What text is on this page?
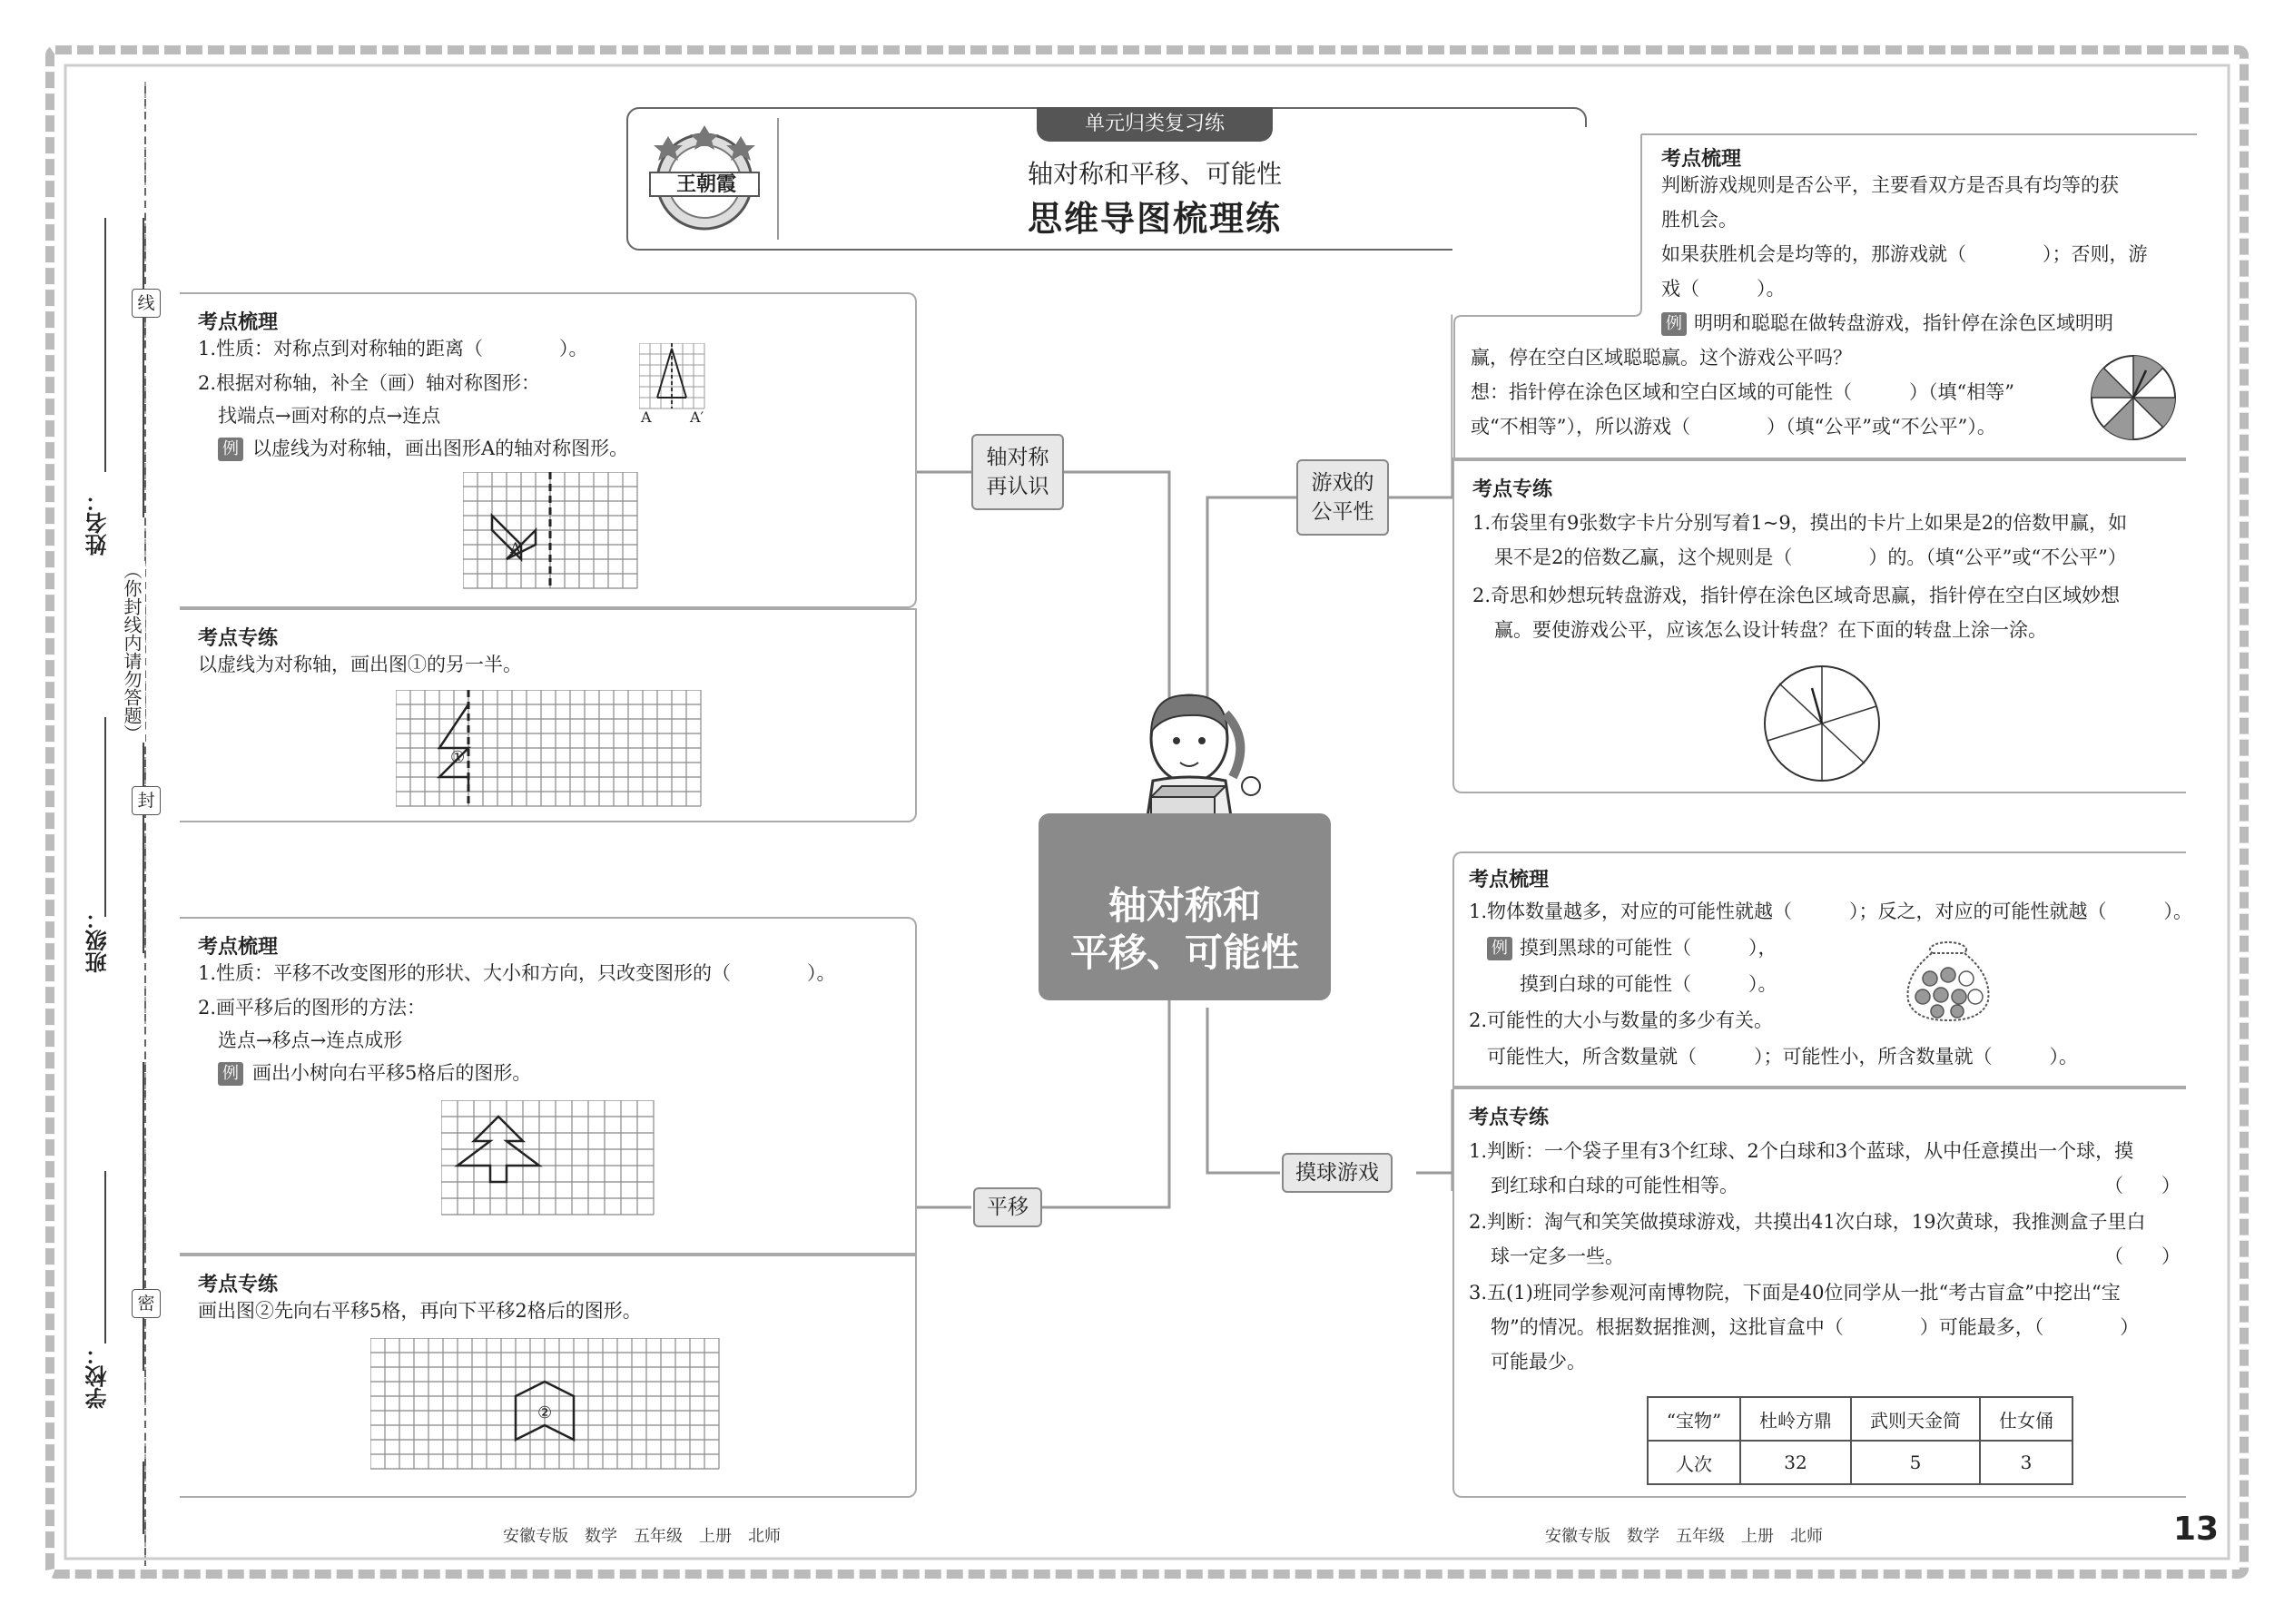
姓名：
班级：
学校：
线
封
密
（你封线内请勿答题）
王朝霞
单元归类复习练
轴对称和平移、可能性
思维导图梳理练
考点梳理
1.性质：对称点到对称轴的距离（　　　　）。
2.根据对称轴，补全（画）轴对称图形：
找端点→画对称的点→连点
例 以虚线为对称轴，画出图形A的轴对称图形。
A	A′
A
考点专练
以虚线为对称轴，画出图①的另一半。
①
考点梳理
1.性质：平移不改变图形的形状、大小和方向，只改变图形的（　　　　）。
2.画平移后的图形的方法：
选点→移点→连点成形
例 画出小树向右平移5格后的图形。
考点专练
画出图②先向右平移5格，再向下平移2格后的图形。
②
轴对称
再认识
平移
游戏的
公平性
摸球游戏
轴对称和
平移、可能性
考点梳理
判断游戏规则是否公平，主要看双方是否具有均等的获
胜机会。
如果获胜机会是均等的，那游戏就（　　　　）；否则，游
戏（　　　）。
例 明明和聪聪在做转盘游戏，指针停在涂色区域明明
赢，停在空白区域聪聪赢。这个游戏公平吗？
想：指针停在涂色区域和空白区域的可能性（　　　）（填“相等”
或“不相等”），所以游戏（　　　　）（填“公平”或“不公平”）。
考点专练
1.布袋里有9张数字卡片分别写着1~9，摸出的卡片上如果是2的倍数甲赢，如
果不是2的倍数乙赢，这个规则是（　　　　）的。（填“公平”或“不公平”）
2.奇思和妙想玩转盘游戏，指针停在涂色区域奇思赢，指针停在空白区域妙想
赢。要使游戏公平，应该怎么设计转盘？在下面的转盘上涂一涂。
考点梳理
1.物体数量越多，对应的可能性就越（　　　）；反之，对应的可能性就越（　　　）。
例 摸到黑球的可能性（　　　），
摸到白球的可能性（　　　）。
2.可能性的大小与数量的多少有关。
可能性大，所含数量就（　　　）；可能性小，所含数量就（　　　）。
考点专练
1.判断：一个袋子里有3个红球、2个白球和3个蓝球，从中任意摸出一个球，摸
到红球和白球的可能性相等。	（　　）
2.判断：淘气和笑笑做摸球游戏，共摸出41次白球，19次黄球，我推测盒子里白
球一定多一些。	（　　）
3.五(1)班同学参观河南博物院，下面是40位同学从一批“考古盲盒”中挖出“宝
物”的情况。根据数据推测，这批盲盒中（　　　　）可能最多，（　　　　）
可能最少。
“宝物”	杜岭方鼎	武则天金简	仕女俑
人次	32	5	3
安徽专版　数学　五年级　上册　北师	安徽专版　数学　五年级　上册　北师	13
